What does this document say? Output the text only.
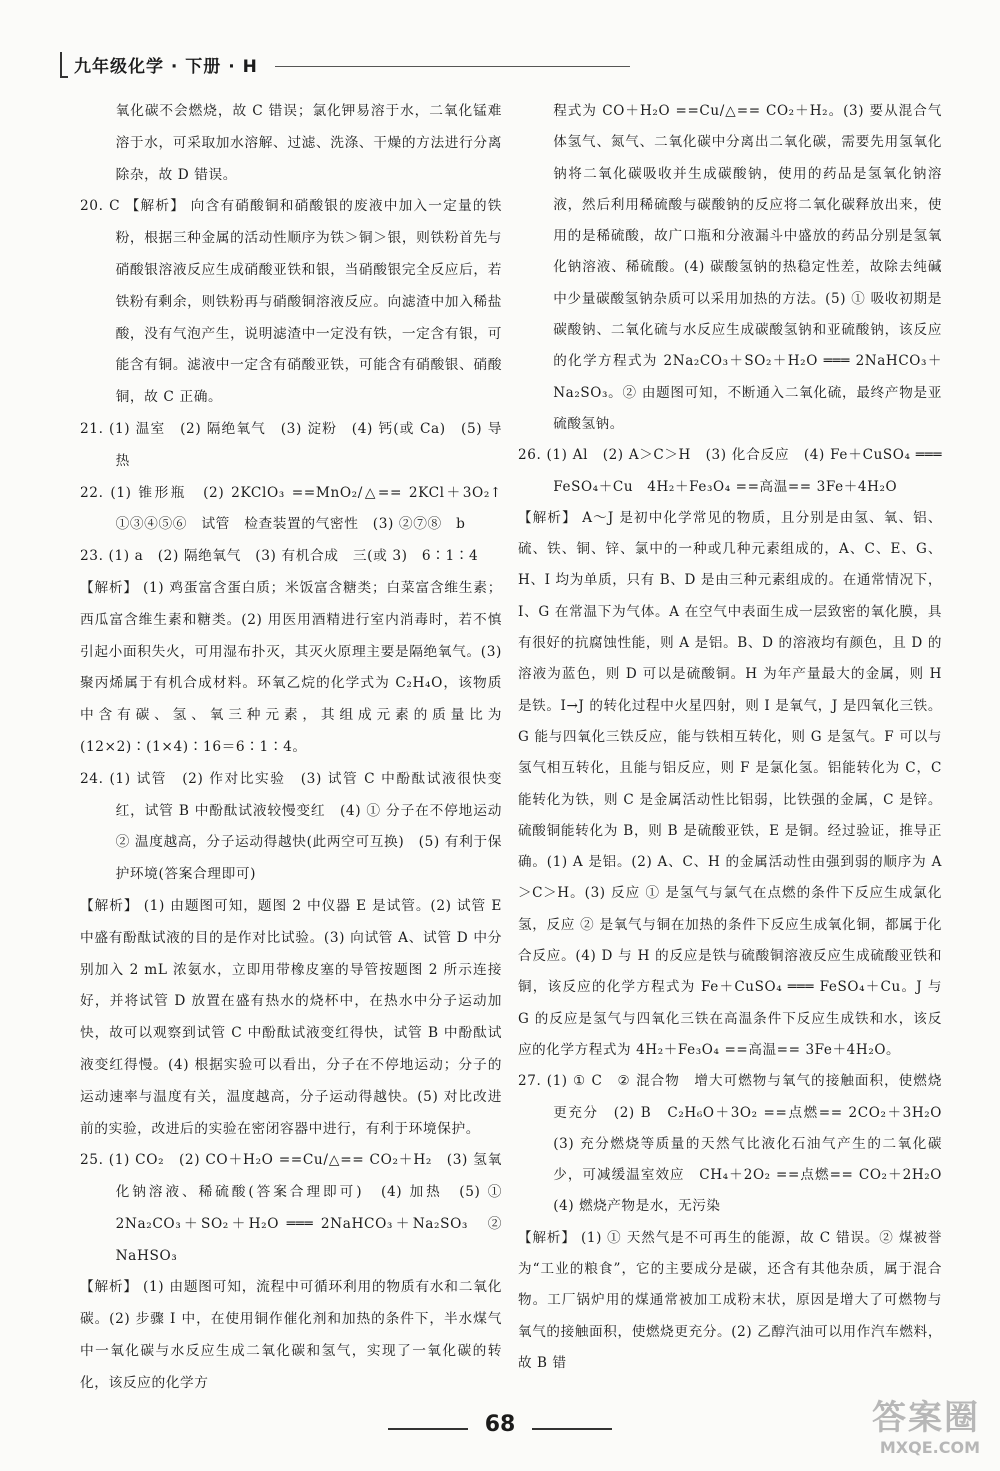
九年级化学 · 下册 · H

氧化碳不会燃烧，故 C 错误；氯化钾易溶于水，二氧化锰难溶于水，可采取加水溶解、过滤、洗涤、干燥的方法进行分离除杂，故 D 错误。

20. C 【解析】 向含有硝酸铜和硝酸银的废液中加入一定量的铁粉，根据三种金属的活动性顺序为铁＞铜＞银，则铁粉首先与硝酸银溶液反应生成硝酸亚铁和银，当硝酸银完全反应后，若铁粉有剩余，则铁粉再与硝酸铜溶液反应。向滤渣中加入稀盐酸，没有气泡产生，说明滤渣中一定没有铁，一定含有银，可能含有铜。滤液中一定含有硝酸亚铁，可能含有硝酸银、硝酸铜，故 C 正确。

21. (1) 温室　(2) 隔绝氧气　(3) 淀粉　(4) 钙(或 Ca)　(5) 导热

22. (1) 锥形瓶　(2) 2KClO₃ ==MnO₂/△== 2KCl＋3O₂↑　①③④⑤⑥　试管　检查装置的气密性　(3) ②⑦⑧　b

23. (1) a　(2) 隔绝氧气　(3) 有机合成　三(或 3)　6∶1∶4

【解析】 (1) 鸡蛋富含蛋白质；米饭富含糖类；白菜富含维生素；西瓜富含维生素和糖类。(2) 用医用酒精进行室内消毒时，若不慎引起小面积失火，可用湿布扑灭，其灭火原理主要是隔绝氧气。(3) 聚丙烯属于有机合成材料。环氧乙烷的化学式为 C₂H₄O，该物质中含有碳、氢、氧三种元素，其组成元素的质量比为(12×2)∶(1×4)∶16＝6∶1∶4。

24. (1) 试管　(2) 作对比实验　(3) 试管 C 中酚酞试液很快变红，试管 B 中酚酞试液较慢变红　(4) ① 分子在不停地运动　② 温度越高，分子运动得越快(此两空可互换)　(5) 有利于保护环境(答案合理即可)

【解析】 (1) 由题图可知，题图 2 中仪器 E 是试管。(2) 试管 E 中盛有酚酞试液的目的是作对比试验。(3) 向试管 A、试管 D 中分别加入 2 mL 浓氨水，立即用带橡皮塞的导管按题图 2 所示连接好，并将试管 D 放置在盛有热水的烧杯中，在热水中分子运动加快，故可以观察到试管 C 中酚酞试液变红得快，试管 B 中酚酞试液变红得慢。(4) 根据实验可以看出，分子在不停地运动；分子的运动速率与温度有关，温度越高，分子运动得越快。(5) 对比改进前的实验，改进后的实验在密闭容器中进行，有利于环境保护。

25. (1) CO₂　(2) CO＋H₂O ==Cu/△== CO₂＋H₂　(3) 氢氧化钠溶液、稀硫酸(答案合理即可)　(4) 加热　(5) ① 2Na₂CO₃＋SO₂＋H₂O ═══ 2NaHCO₃＋Na₂SO₃　② NaHSO₃

【解析】 (1) 由题图可知，流程中可循环利用的物质有水和二氧化碳。(2) 步骤 Ⅰ 中，在使用铜作催化剂和加热的条件下，半水煤气中一氧化碳与水反应生成二氧化碳和氢气，实现了一氧化碳的转化，该反应的化学方

程式为 CO＋H₂O ==Cu/△== CO₂＋H₂。(3) 要从混合气体氢气、氮气、二氧化碳中分离出二氧化碳，需要先用氢氧化钠将二氧化碳吸收并生成碳酸钠，使用的药品是氢氧化钠溶液，然后利用稀硫酸与碳酸钠的反应将二氧化碳释放出来，使用的是稀硫酸，故广口瓶和分液漏斗中盛放的药品分别是氢氧化钠溶液、稀硫酸。(4) 碳酸氢钠的热稳定性差，故除去纯碱中少量碳酸氢钠杂质可以采用加热的方法。(5) ① 吸收初期是碳酸钠、二氧化硫与水反应生成碳酸氢钠和亚硫酸钠，该反应的化学方程式为 2Na₂CO₃＋SO₂＋H₂O ═══ 2NaHCO₃＋Na₂SO₃。② 由题图可知，不断通入二氧化硫，最终产物是亚硫酸氢钠。

26. (1) Al　(2) A＞C＞H　(3) 化合反应　(4) Fe＋CuSO₄ ═══ FeSO₄＋Cu　4H₂＋Fe₃O₄ ==高温== 3Fe＋4H₂O

【解析】 A～J 是初中化学常见的物质，且分别是由氢、氧、铝、硫、铁、铜、锌、氯中的一种或几种元素组成的，A、C、E、G、H、I 均为单质，只有 B、D 是由三种元素组成的。在通常情况下，I、G 在常温下为气体。A 在空气中表面生成一层致密的氧化膜，具有很好的抗腐蚀性能，则 A 是铝。B、D 的溶液均有颜色，且 D 的溶液为蓝色，则 D 可以是硫酸铜。H 为年产量最大的金属，则 H 是铁。I→J 的转化过程中火星四射，则 I 是氧气，J 是四氧化三铁。G 能与四氧化三铁反应，能与铁相互转化，则 G 是氢气。F 可以与氢气相互转化，且能与铝反应，则 F 是氯化氢。铝能转化为 C，C 能转化为铁，则 C 是金属活动性比铝弱，比铁强的金属，C 是锌。硫酸铜能转化为 B，则 B 是硫酸亚铁，E 是铜。经过验证，推导正确。(1) A 是铝。(2) A、C、H 的金属活动性由强到弱的顺序为 A＞C＞H。(3) 反应 ① 是氢气与氯气在点燃的条件下反应生成氯化氢，反应 ② 是氧气与铜在加热的条件下反应生成氧化铜，都属于化合反应。(4) D 与 H 的反应是铁与硫酸铜溶液反应生成硫酸亚铁和铜，该反应的化学方程式为 Fe＋CuSO₄ ═══ FeSO₄＋Cu。J 与 G 的反应是氢气与四氧化三铁在高温条件下反应生成铁和水，该反应的化学方程式为 4H₂＋Fe₃O₄ ==高温== 3Fe＋4H₂O。

27. (1) ① C　② 混合物　增大可燃物与氧气的接触面积，使燃烧更充分　(2) B　C₂H₆O＋3O₂ ==点燃== 2CO₂＋3H₂O　(3) 充分燃烧等质量的天然气比液化石油气产生的二氧化碳少，可减缓温室效应　CH₄＋2O₂ ==点燃== CO₂＋2H₂O　(4) 燃烧产物是水，无污染

【解析】 (1) ① 天然气是不可再生的能源，故 C 错误。② 煤被誉为“工业的粮食”，它的主要成分是碳，还含有其他杂质，属于混合物。工厂锅炉用的煤通常被加工成粉末状，原因是增大了可燃物与氧气的接触面积，使燃烧更充分。(2) 乙醇汽油可以用作汽车燃料，故 B 错

68	答案圈
MXQE.COM
